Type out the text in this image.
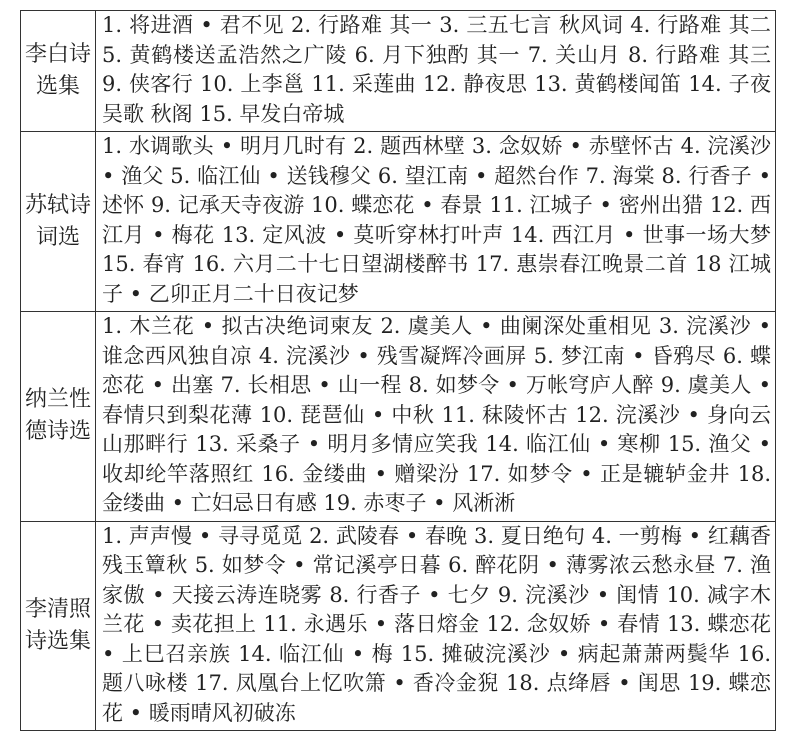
李白诗选集	1. 将进酒 • 君不见 2. 行路难 其一 3. 三五七言 秋风词 4. 行路难 其二 5. 黄鹤楼送孟浩然之广陵 6. 月下独酌 其一 7. 关山月 8. 行路难 其三 9. 侠客行 10. 上李邕 11. 采莲曲 12. 静夜思 13. 黄鹤楼闻笛 14. 子夜吴歌 秋阁 15. 早发白帝城
苏轼诗词选	1. 水调歌头 • 明月几时有 2. 题西林壁 3. 念奴娇 • 赤壁怀古 4. 浣溪沙 • 渔父 5. 临江仙 • 送钱穆父 6. 望江南 • 超然台作 7. 海棠 8. 行香子 • 述怀 9. 记承天寺夜游 10. 蝶恋花 • 春景 11. 江城子 • 密州出猎 12. 西江月 • 梅花 13. 定风波 • 莫听穿林打叶声 14. 西江月 • 世事一场大梦 15. 春宵 16. 六月二十七日望湖楼醉书 17. 惠崇春江晚景二首 18 江城子 • 乙卯正月二十日夜记梦
纳兰性德诗选	1. 木兰花 • 拟古决绝词柬友 2. 虞美人 • 曲阑深处重相见 3. 浣溪沙 • 谁念西风独自凉 4. 浣溪沙 • 残雪凝辉冷画屏 5. 梦江南 • 昏鸦尽 6. 蝶恋花 • 出塞 7. 长相思 • 山一程 8. 如梦令 • 万帐穹庐人醉 9. 虞美人 • 春情只到梨花薄 10. 琵琶仙 • 中秋 11. 秣陵怀古 12. 浣溪沙 • 身向云山那畔行 13. 采桑子 • 明月多情应笑我 14. 临江仙 • 寒柳 15. 渔父 • 收却纶竿落照红 16. 金缕曲 • 赠梁汾 17. 如梦令 • 正是辘轳金井 18. 金缕曲 • 亡妇忌日有感 19. 赤枣子 • 风淅淅
李清照诗选集	1. 声声慢 • 寻寻觅觅 2. 武陵春 • 春晚 3. 夏日绝句 4. 一剪梅 • 红藕香残玉簟秋 5. 如梦令 • 常记溪亭日暮 6. 醉花阴 • 薄雾浓云愁永昼 7. 渔家傲 • 天接云涛连晓雾 8. 行香子 • 七夕 9. 浣溪沙 • 闺情 10. 减字木兰花 • 卖花担上 11. 永遇乐 • 落日熔金 12. 念奴娇 • 春情 13. 蝶恋花 • 上巳召亲族 14. 临江仙 • 梅 15. 摊破浣溪沙 • 病起萧萧两鬓华 16. 题八咏楼 17. 凤凰台上忆吹箫 • 香冷金猊 18. 点绛唇 • 闺思 19. 蝶恋花 • 暖雨晴风初破冻
